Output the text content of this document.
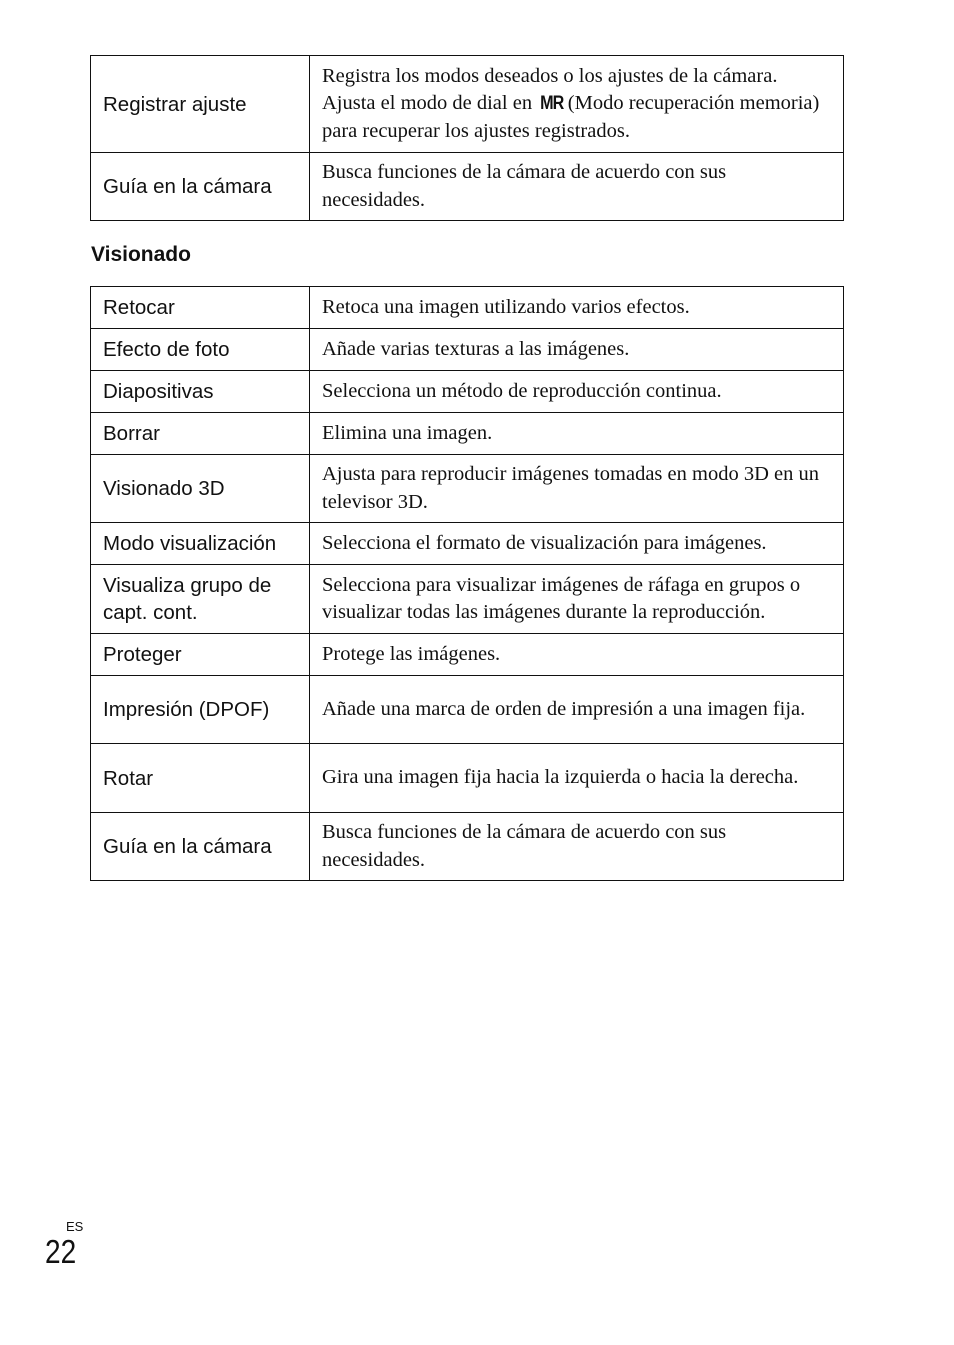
Registrar ajuste	Registra los modos deseados o los ajustes de la cámara.
Ajusta el modo de dial en MR (Modo recuperación memoria) para recuperar los ajustes registrados.
Guía en la cámara	Busca funciones de la cámara de acuerdo con sus necesidades.
Visionado
Retocar	Retoca una imagen utilizando varios efectos.
Efecto de foto	Añade varias texturas a las imágenes.
Diapositivas	Selecciona un método de reproducción continua.
Borrar	Elimina una imagen.
Visionado 3D	Ajusta para reproducir imágenes tomadas en modo 3D en un televisor 3D.
Modo visualización	Selecciona el formato de visualización para imágenes.
Visualiza grupo de capt. cont.	Selecciona para visualizar imágenes de ráfaga en grupos o visualizar todas las imágenes durante la reproducción.
Proteger	Protege las imágenes.
Impresión (DPOF)	Añade una marca de orden de impresión a una imagen fija.
Rotar	Gira una imagen fija hacia la izquierda o hacia la derecha.
Guía en la cámara	Busca funciones de la cámara de acuerdo con sus necesidades.
ES
22
